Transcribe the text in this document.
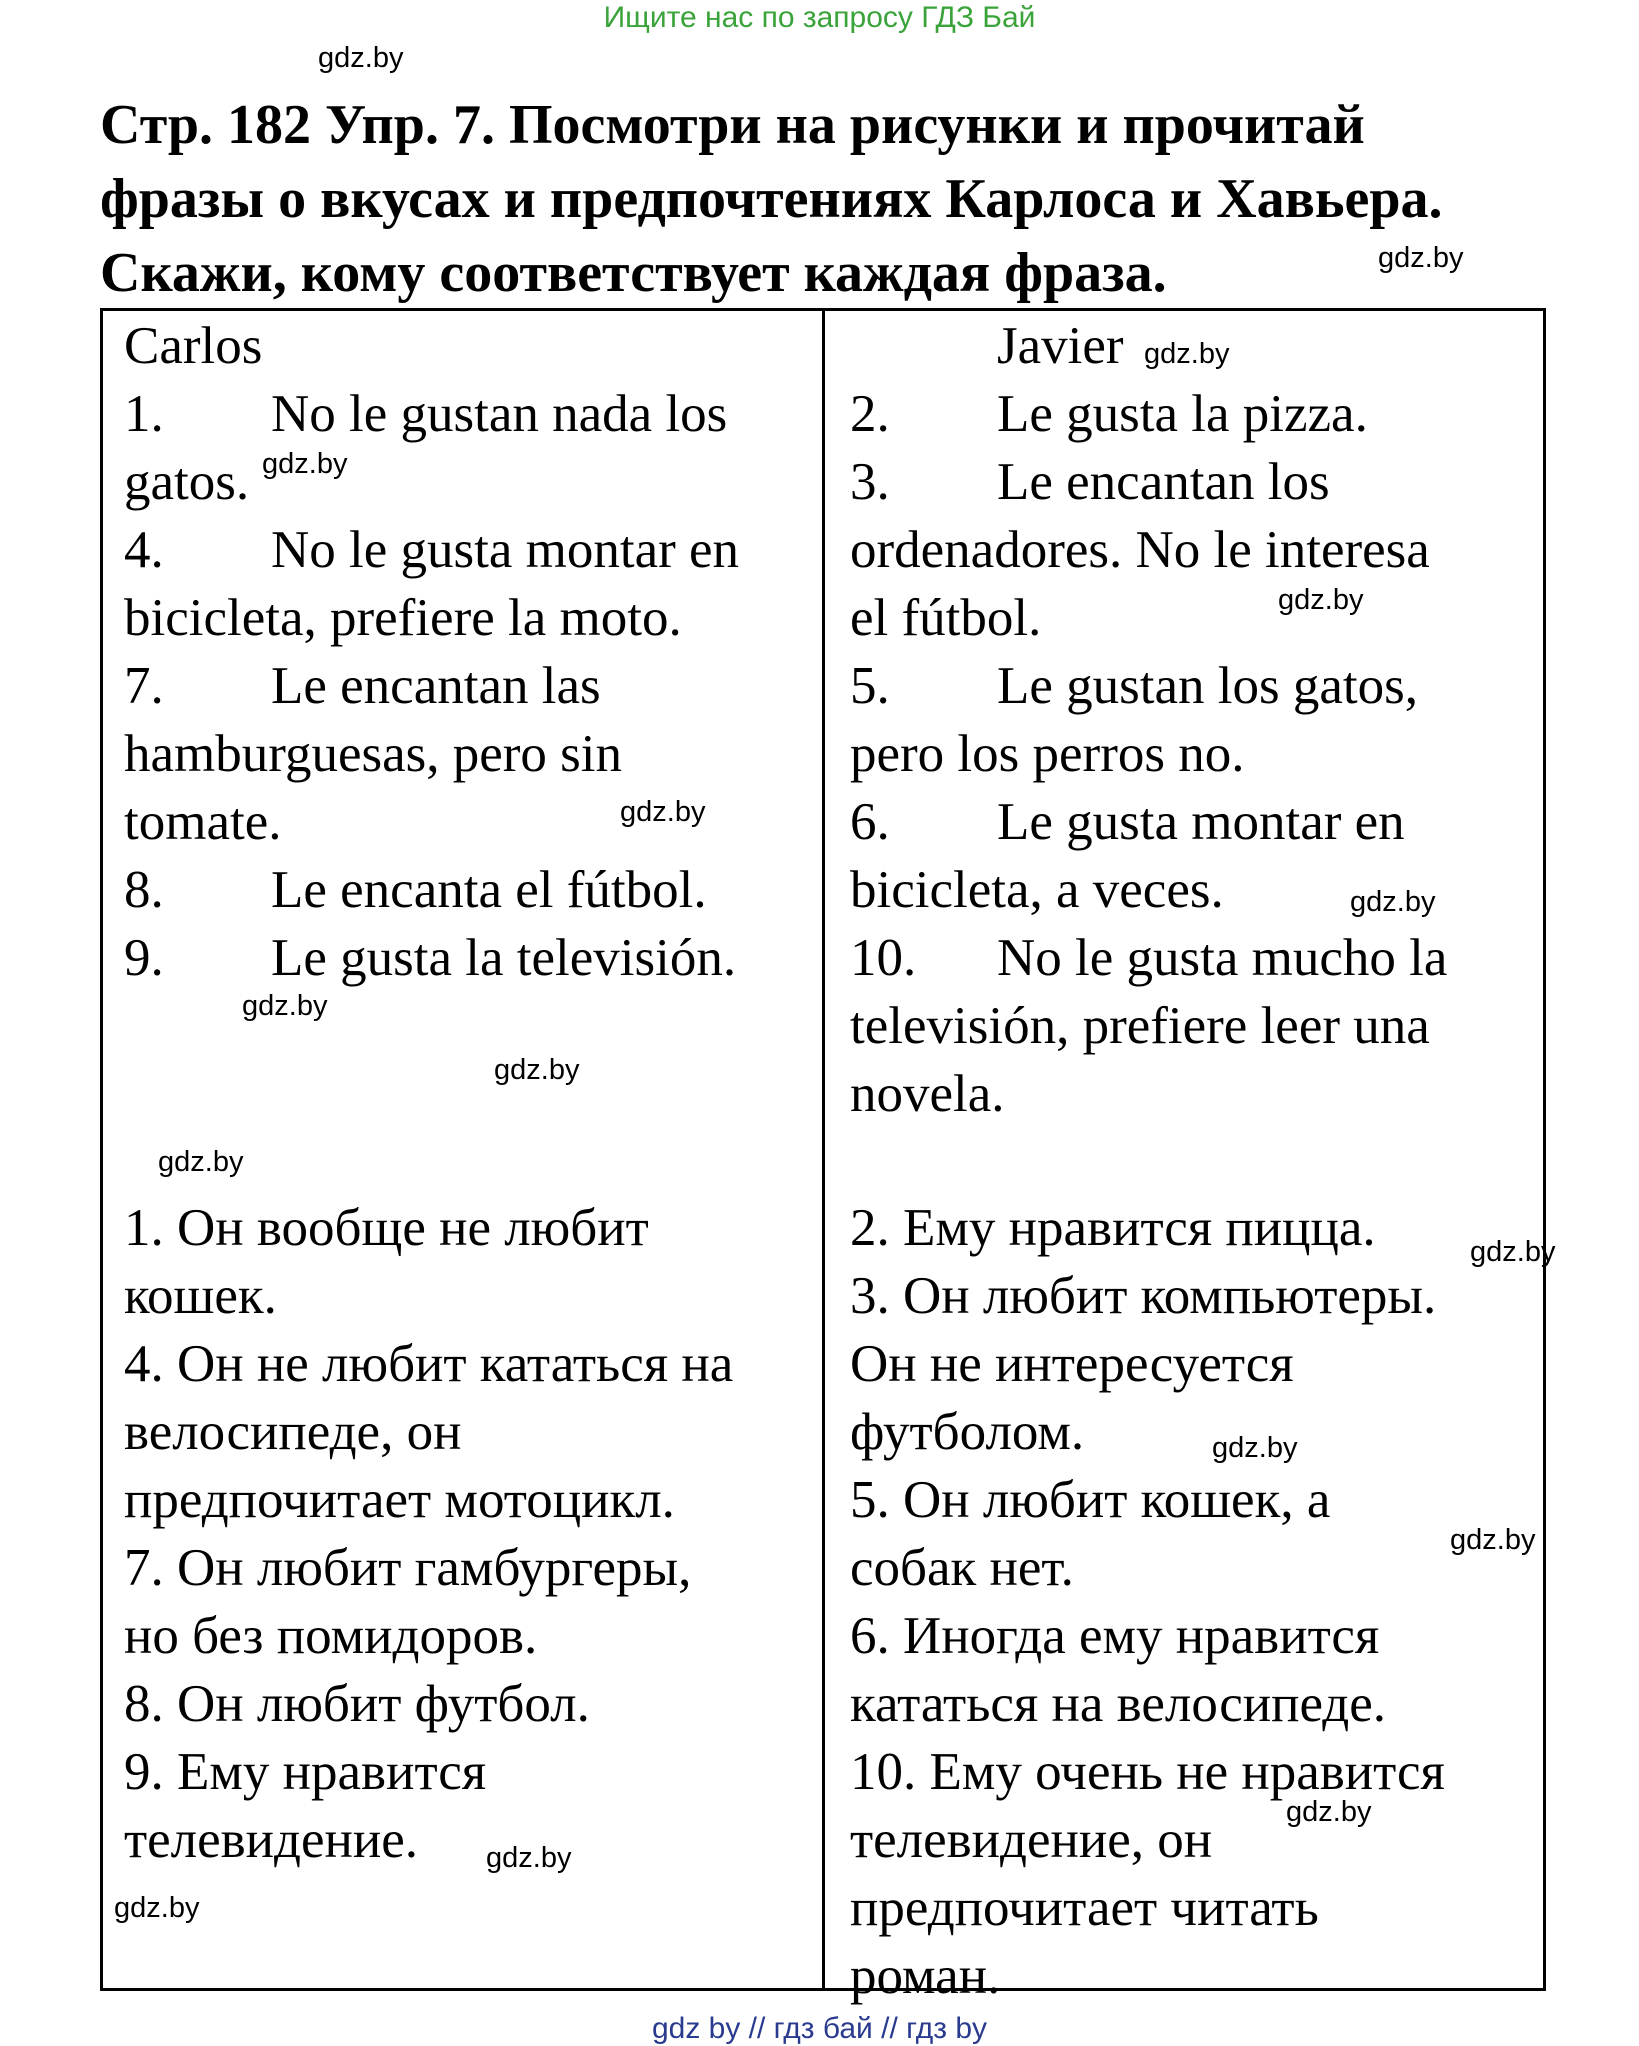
Ищите нас по запросу ГДЗ Бай
Стр. 182 Упр. 7. Посмотри на рисунки и прочитай
фразы о вкусах и предпочтениях Карлоса и Хавьера.
Скажи, кому соответствует каждая фраза.
Carlos
1.	No le gustan nada los
gatos.
4.	No le gusta montar en
bicicleta, prefiere la moto.
7.	Le encantan las
hamburguesas, pero sin
tomate.
8.	Le encanta el fútbol.
9.	Le gusta la televisión.
Javier
2.	Le gusta la pizza.
3.	Le encantan los
ordenadores. No le interesa
el fútbol.
5.	Le gustan los gatos,
pero los perros no.
6.	Le gusta montar en
bicicleta, a veces.
10.	No le gusta mucho la
televisión, prefiere leer una
novela.
1. Он вообще не любит
кошек.
4. Он не любит кататься на
велосипеде, он
предпочитает мотоцикл.
7. Он любит гамбургеры,
но без помидоров.
8. Он любит футбол.
9. Ему нравится
телевидение.
2. Ему нравится пицца.
3. Он любит компьютеры.
Он не интересуется
футболом.
5. Он любит кошек, а
собак нет.
6. Иногда ему нравится
кататься на велосипеде.
10. Ему очень не нравится
телевидение, он
предпочитает читать
роман.
gdz.by
gdz.by
gdz.by
gdz.by
gdz.by
gdz.by
gdz.by
gdz.by
gdz.by
gdz.by
gdz.by
gdz.by
gdz.by
gdz.by
gdz.by
gdz.by
gdz by // гдз бай // гдз by
